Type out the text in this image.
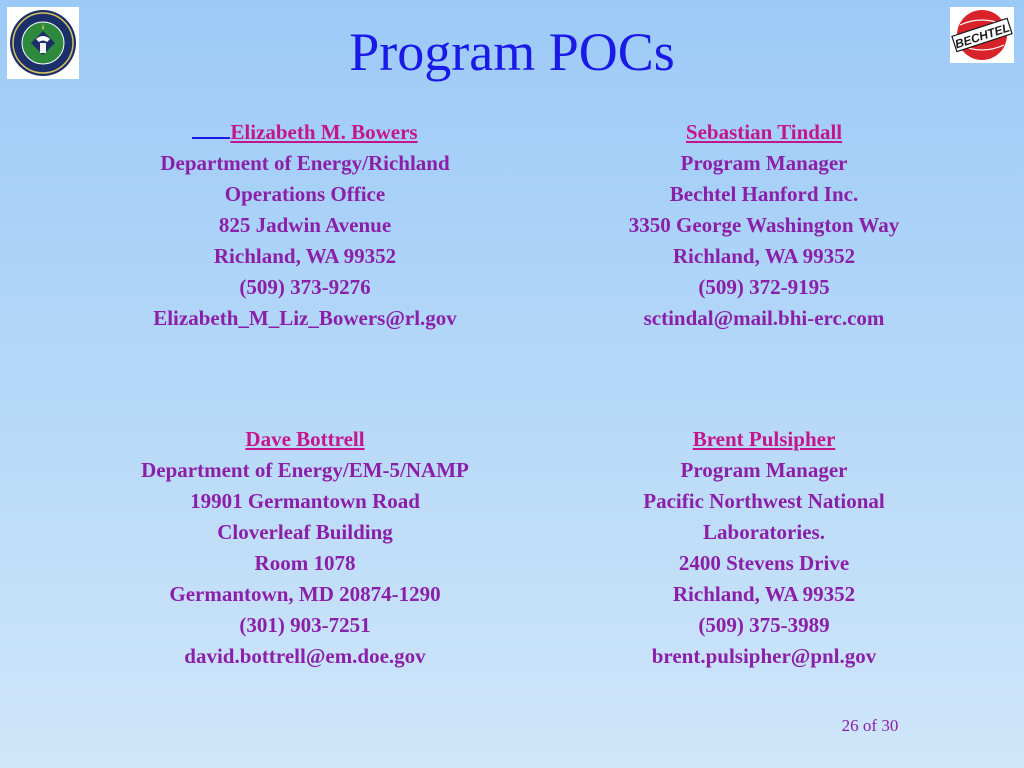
BECHTEL
Program POCs
Elizabeth M. Bowers
Department of Energy/Richland
Operations Office
825 Jadwin Avenue
Richland, WA 99352
(509) 373-9276
Elizabeth_M_Liz_Bowers@rl.gov
Sebastian Tindall
Program Manager
Bechtel Hanford Inc.
3350 George Washington Way
Richland, WA 99352
(509) 372-9195
sctindal@mail.bhi-erc.com
Dave Bottrell
Department of Energy/EM-5/NAMP
19901 Germantown Road
Cloverleaf Building
Room 1078
Germantown, MD 20874-1290
(301) 903-7251
david.bottrell@em.doe.gov
Brent Pulsipher
Program Manager
Pacific Northwest National
Laboratories.
2400 Stevens Drive
Richland, WA 99352
(509) 375-3989
brent.pulsipher@pnl.gov
26 of 30
